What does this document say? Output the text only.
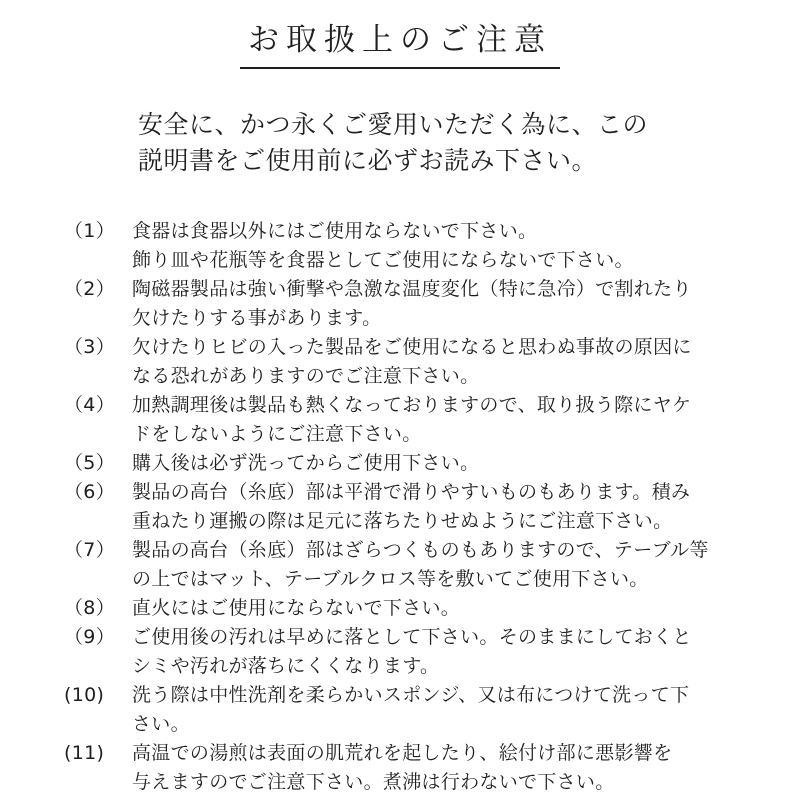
お取扱上のご注意

安全に、かつ永くご愛用いただく為に、この
説明書をご使用前に必ずお読み下さい。

（1） 食器は食器以外にはご使用ならないで下さい。
飾り皿や花瓶等を食器としてご使用にならないで下さい。
（2） 陶磁器製品は強い衝撃や急激な温度変化（特に急冷）で割れたり
欠けたりする事があります。
（3） 欠けたりヒビの入った製品をご使用になると思わぬ事故の原因に
なる恐れがありますのでご注意下さい。
（4） 加熱調理後は製品も熱くなっておりますので、取り扱う際にヤケ
ドをしないようにご注意下さい。
（5） 購入後は必ず洗ってからご使用下さい。
（6） 製品の高台（糸底）部は平滑で滑りやすいものもあります。積み
重ねたり運搬の際は足元に落ちたりせぬようにご注意下さい。
（7） 製品の高台（糸底）部はざらつくものもありますので、テーブル等
の上ではマット、テーブルクロス等を敷いてご使用下さい。
（8） 直火にはご使用にならないで下さい。
（9） ご使用後の汚れは早めに落として下さい。そのままにしておくと
シミや汚れが落ちにくくなります。
(10)	洗う際は中性洗剤を柔らかいスポンジ、又は布につけて洗って下
さい。
(11)	高温での湯煎は表面の肌荒れを起したり、絵付け部に悪影響を
与えますのでご注意下さい。煮沸は行わないで下さい。
